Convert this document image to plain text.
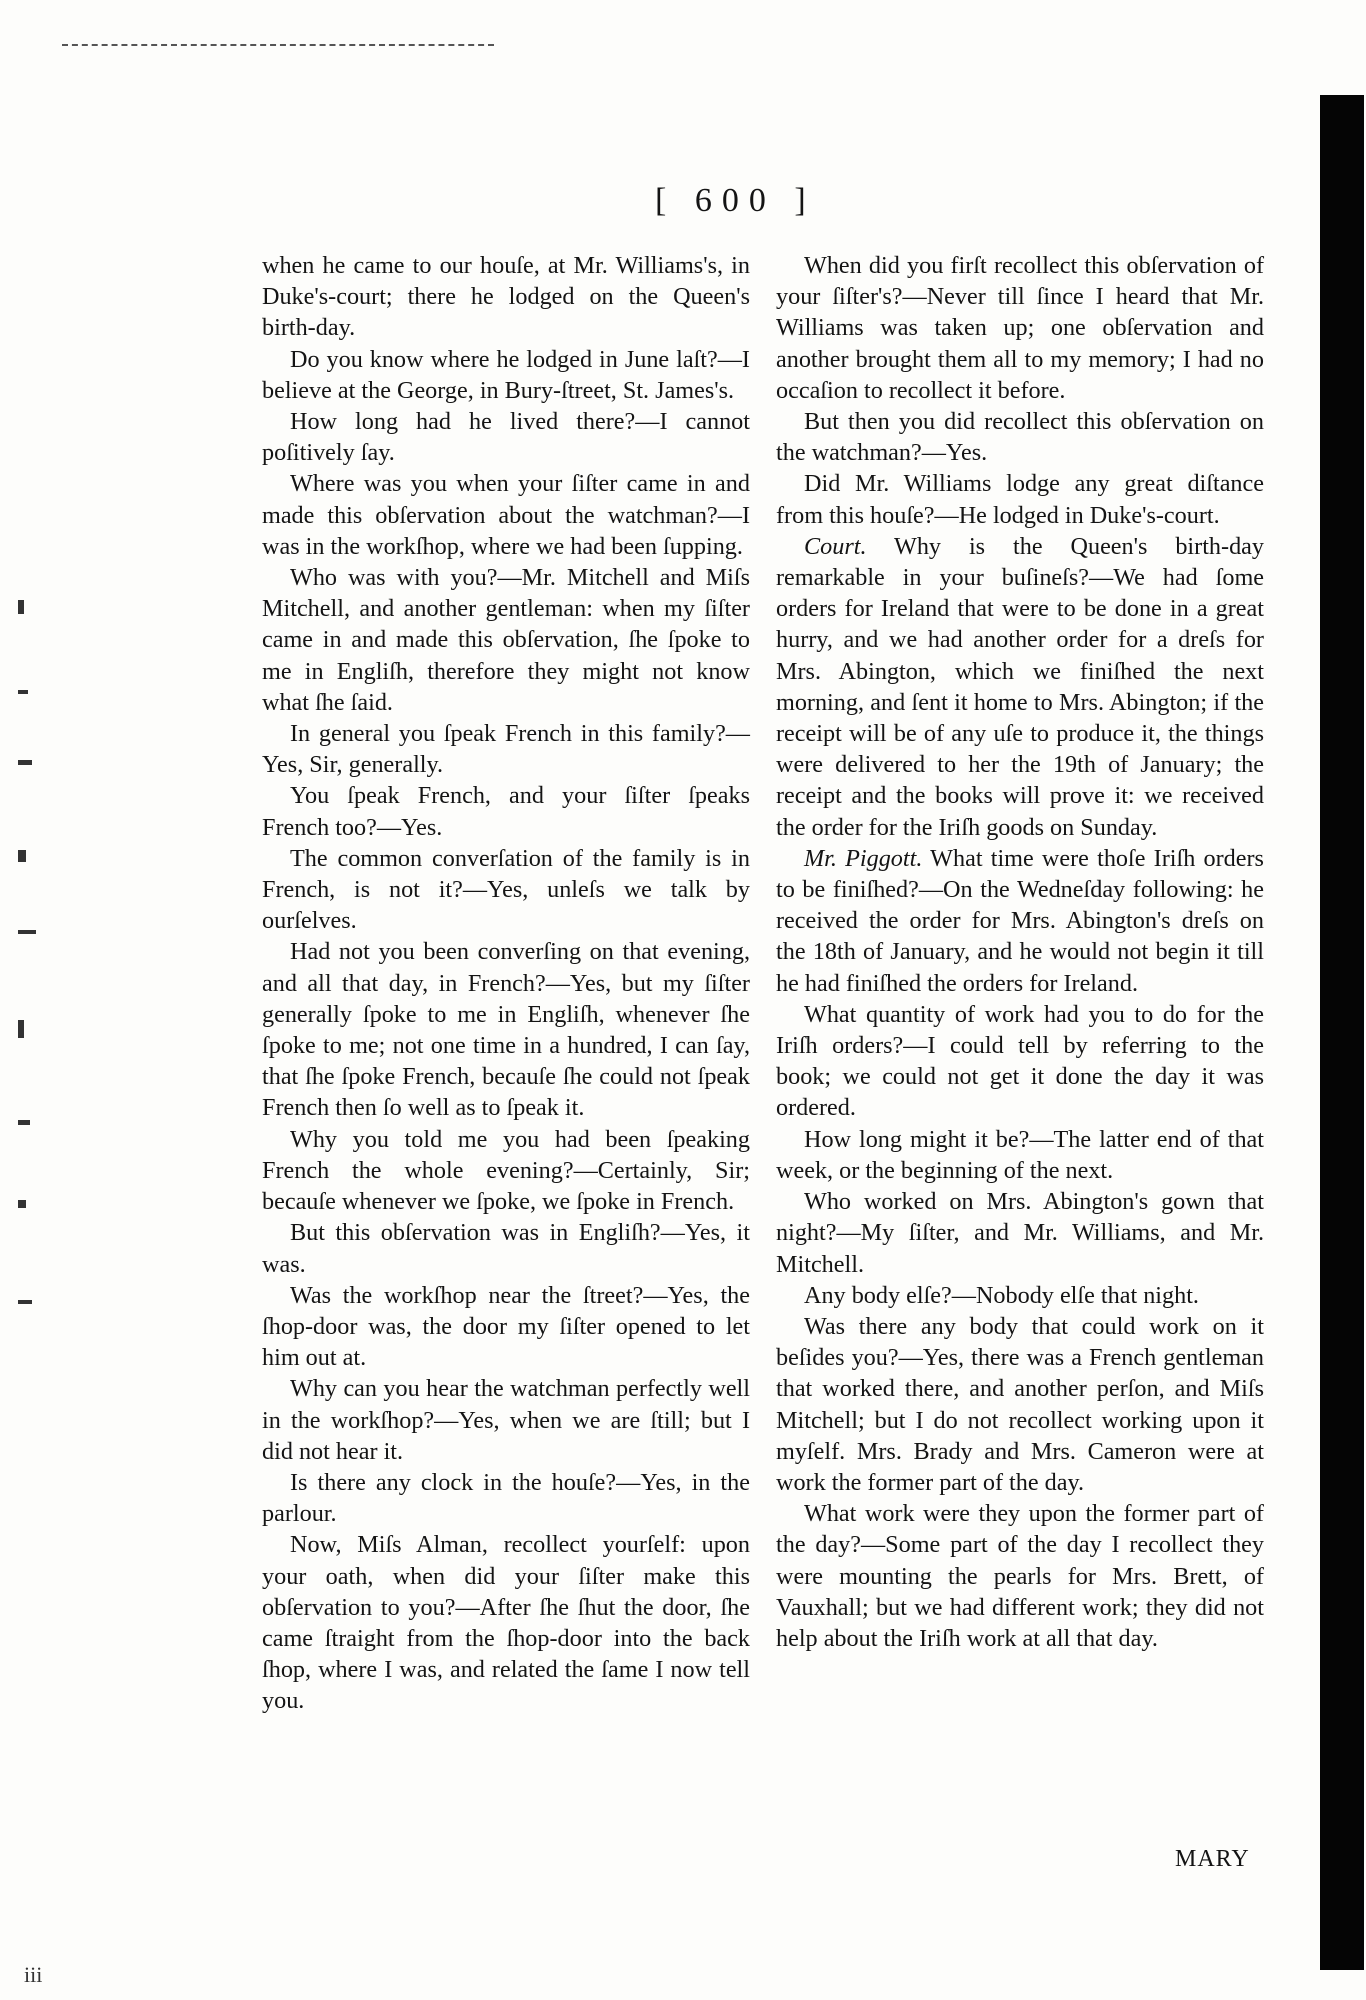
[ 600 ]

when he came to our houſe, at Mr. Williams's, in Duke's-court; there he lodged on the Queen's birth-day.

Do you know where he lodged in June laſt?—I believe at the George, in Bury-ſtreet, St. James's.

How long had he lived there?—I cannot poſitively ſay.

Where was you when your ſiſter came in and made this obſervation about the watchman?—I was in the workſhop, where we had been ſupping.

Who was with you?—Mr. Mitchell and Miſs Mitchell, and another gentleman: when my ſiſter came in and made this obſervation, ſhe ſpoke to me in Engliſh, therefore they might not know what ſhe ſaid.

In general you ſpeak French in this family?—Yes, Sir, generally.

You ſpeak French, and your ſiſter ſpeaks French too?—Yes.

The common converſation of the family is in French, is not it?—Yes, unleſs we talk by ourſelves.

Had not you been converſing on that evening, and all that day, in French?—Yes, but my ſiſter generally ſpoke to me in Engliſh, whenever ſhe ſpoke to me; not one time in a hundred, I can ſay, that ſhe ſpoke French, becauſe ſhe could not ſpeak French then ſo well as to ſpeak it.

Why you told me you had been ſpeaking French the whole evening?—Certainly, Sir; becauſe whenever we ſpoke, we ſpoke in French.

But this obſervation was in Engliſh?—Yes, it was.

Was the workſhop near the ſtreet?—Yes, the ſhop-door was, the door my ſiſter opened to let him out at.

Why can you hear the watchman perfectly well in the workſhop?—Yes, when we are ſtill; but I did not hear it.

Is there any clock in the houſe?—Yes, in the parlour.

Now, Miſs Alman, recollect yourſelf: upon your oath, when did your ſiſter make this obſervation to you?—After ſhe ſhut the door, ſhe came ſtraight from the ſhop-door into the back ſhop, where I was, and related the ſame I now tell you.

When did you firſt recollect this obſervation of your ſiſter's?—Never till ſince I heard that Mr. Williams was taken up; one obſervation and another brought them all to my memory; I had no occaſion to recollect it before.

But then you did recollect this obſervation on the watchman?—Yes.

Did Mr. Williams lodge any great diſtance from this houſe?—He lodged in Duke's-court.

Court. Why is the Queen's birth-day remarkable in your buſineſs?—We had ſome orders for Ireland that were to be done in a great hurry, and we had another order for a dreſs for Mrs. Abington, which we finiſhed the next morning, and ſent it home to Mrs. Abington; if the receipt will be of any uſe to produce it, the things were delivered to her the 19th of January; the receipt and the books will prove it: we received the order for the Iriſh goods on Sunday.

Mr. Piggott. What time were thoſe Iriſh orders to be finiſhed?—On the Wedneſday following: he received the order for Mrs. Abington's dreſs on the 18th of January, and he would not begin it till he had finiſhed the orders for Ireland.

What quantity of work had you to do for the Iriſh orders?—I could tell by referring to the book; we could not get it done the day it was ordered.

How long might it be?—The latter end of that week, or the beginning of the next.

Who worked on Mrs. Abington's gown that night?—My ſiſter, and Mr. Williams, and Mr. Mitchell.

Any body elſe?—Nobody elſe that night.

Was there any body that could work on it beſides you?—Yes, there was a French gentleman that worked there, and another perſon, and Miſs Mitchell; but I do not recollect working upon it myſelf. Mrs. Brady and Mrs. Cameron were at work the former part of the day.

What work were they upon the former part of the day?—Some part of the day I recollect they were mounting the pearls for Mrs. Brett, of Vauxhall; but we had different work; they did not help about the Iriſh work at all that day.

MARY
iii
